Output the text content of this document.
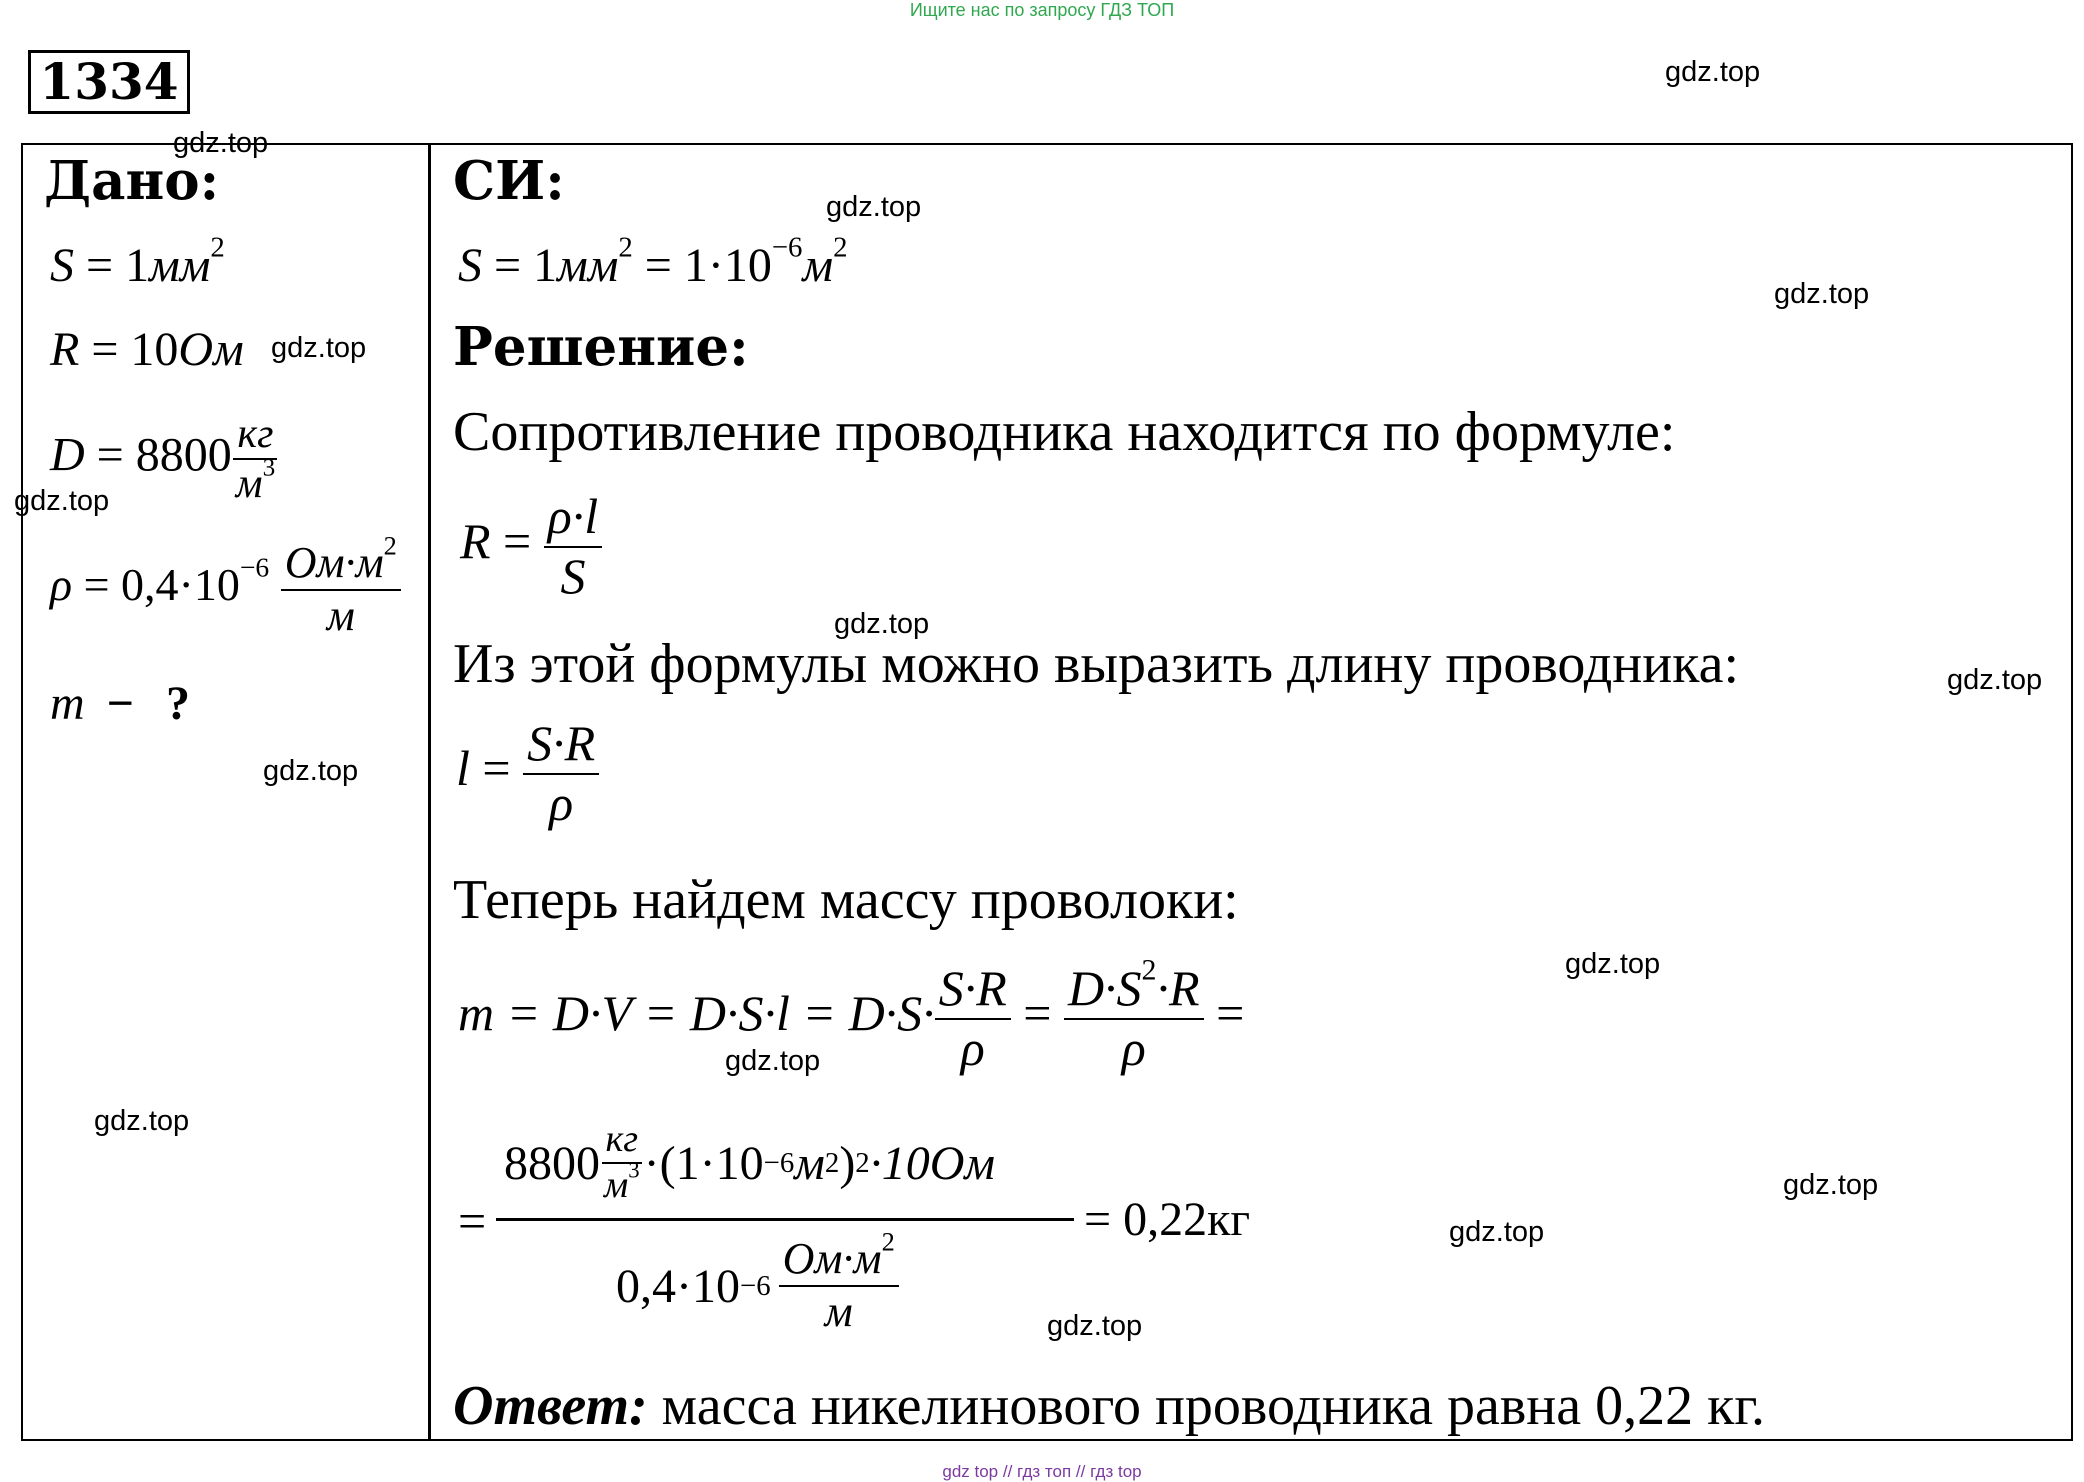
Ищите нас по запросу ГДЗ ТОП
1334
Дано:
$S = 1мм^2$
R = 10Ом
$D = 8800 \frac{кг}{м^3}$
$\rho = 0,4\cdot 10^{-6} \frac{Ом\cdot м^2}{м}$
m − ?
СИ:
$S = 1мм^2 = 1\cdot 10^{-6}м^2$
Решение:
Сопротивление проводника находится по формуле:
$R = \frac{\rho\cdot l}{S}$
Из этой формулы можно выразить длину проводника:
$l = \frac{S\cdot R}{\rho}$
Теперь найдем массу проволоки:
$m = D\cdot V = D\cdot S\cdot l = D\cdot S\cdot \frac{S\cdot R}{\rho} = \frac{D\cdot S^2\cdot R}{\rho}$ =
=
$8800 \frac{кг}{м^3} \cdot(1\cdot 10 -6$ м 2 ) 2 ·10Ом
$0,4\cdot 10 -6 \frac{Ом\cdot м^2}{м}$
= 0,22кг
Ответ: масса никелинового проводника равна 0,22 кг.
gdz.top
gdz.top
gdz.top
gdz.top
gdz.top
gdz.top
gdz.top
gdz.top
gdz.top
gdz.top
gdz.top
gdz.top
gdz.top
gdz.top
gdz.top
gdz top // гдз топ // гдз top
